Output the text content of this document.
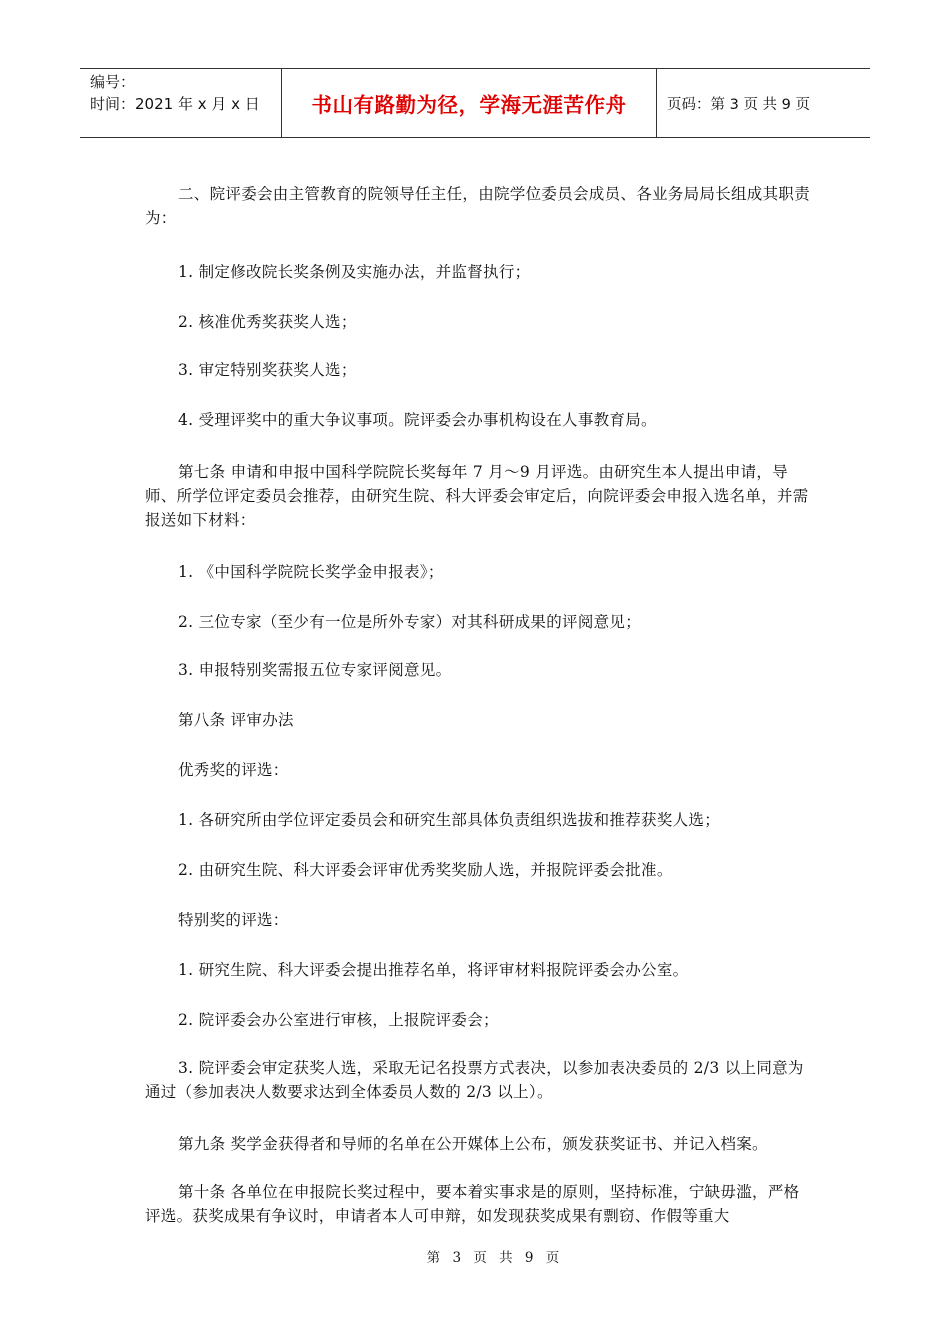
编号：
时间：2021 年 x 月 x 日	书山有路勤为径，学海无涯苦作舟	页码：第 3 页 共 9 页
二、院评委会由主管教育的院领导任主任，由院学位委员会成员、各业务局局长组成其职责为：
1. 制定修改院长奖条例及实施办法，并监督执行；
2. 核准优秀奖获奖人选；
3. 审定特别奖获奖人选；
4. 受理评奖中的重大争议事项。院评委会办事机构设在人事教育局。
第七条 申请和申报中国科学院院长奖每年 7 月～9 月评选。由研究生本人提出申请，导师、所学位评定委员会推荐，由研究生院、科大评委会审定后，向院评委会申报入选名单，并需报送如下材料：
1. 《中国科学院院长奖学金申报表》；
2. 三位专家（至少有一位是所外专家）对其科研成果的评阅意见；
3. 申报特别奖需报五位专家评阅意见。
第八条 评审办法
优秀奖的评选：
1. 各研究所由学位评定委员会和研究生部具体负责组织选拔和推荐获奖人选；
2. 由研究生院、科大评委会评审优秀奖奖励人选，并报院评委会批准。
特别奖的评选：
1. 研究生院、科大评委会提出推荐名单，将评审材料报院评委会办公室。
2. 院评委会办公室进行审核，上报院评委会；
3. 院评委会审定获奖人选，采取无记名投票方式表决，以参加表决委员的 2/3 以上同意为通过（参加表决人数要求达到全体委员人数的 2/3 以上）。
第九条 奖学金获得者和导师的名单在公开媒体上公布，颁发获奖证书、并记入档案。
第十条 各单位在申报院长奖过程中，要本着实事求是的原则，坚持标准，宁缺毋滥，严格评选。获奖成果有争议时，申请者本人可申辩，如发现获奖成果有剽窃、作假等重大
第 3 页 共 9 页
